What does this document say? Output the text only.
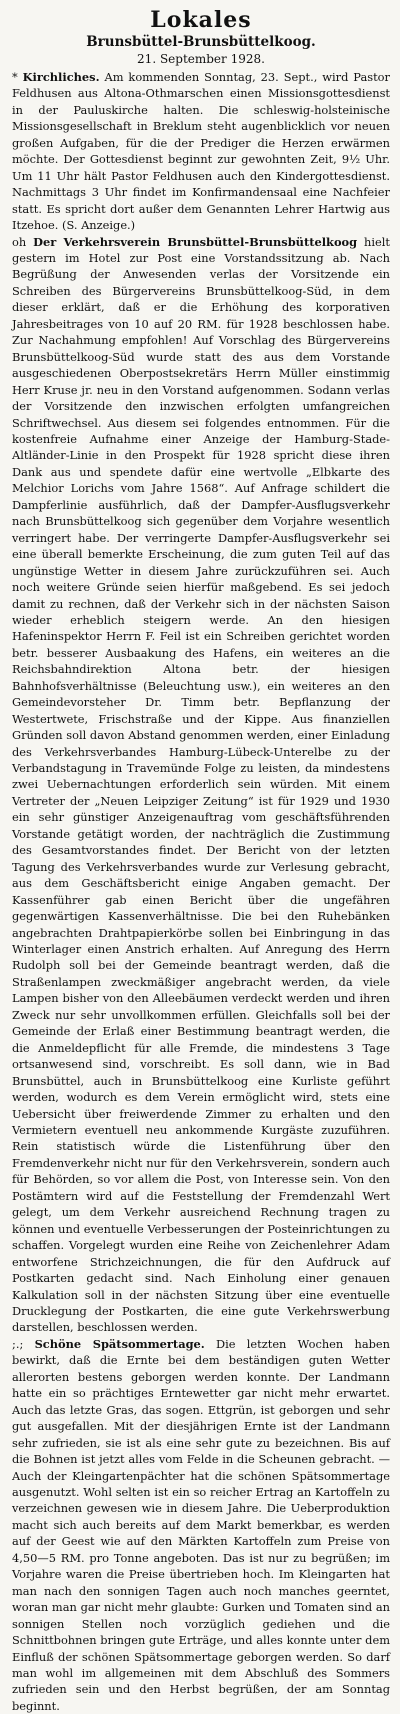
Lokales
Brunsbüttel-Brunsbüttelkoog.
21. September 1928.

* Kirchliches. Am kommenden Sonntag, 23. Sept., wird Pastor Feldhusen aus Altona-Othmarschen einen Missionsgottesdienst in der Pauluskirche halten. Die schleswig-holsteinische Missionsgesellschaft in Breklum steht augenblicklich vor neuen großen Aufgaben, für die der Prediger die Herzen erwärmen möchte. Der Gottesdienst beginnt zur gewohnten Zeit, 9½ Uhr. Um 11 Uhr hält Pastor Feldhusen auch den Kindergottesdienst. Nachmittags 3 Uhr findet im Konfirmandensaal eine Nachfeier statt. Es spricht dort außer dem Genannten Lehrer Hartwig aus Itzehoe. (S. Anzeige.)

oh Der Verkehrsverein Brunsbüttel-Brunsbüttelkoog hielt gestern im Hotel zur Post eine Vorstandssitzung ab. Nach Begrüßung der Anwesenden verlas der Vorsitzende ein Schreiben des Bürgervereins Brunsbüttelkoog-Süd, in dem dieser erklärt, daß er die Erhöhung des korporativen Jahresbeitrages von 10 auf 20 RM. für 1928 beschlossen habe. Zur Nachahmung empfohlen! Auf Vorschlag des Bürgervereins Brunsbüttelkoog-Süd wurde statt des aus dem Vorstande ausgeschiedenen Oberpostsekretärs Herrn Müller einstimmig Herr Kruse jr. neu in den Vorstand aufgenommen. Sodann verlas der Vorsitzende den inzwischen erfolgten umfangreichen Schriftwechsel. Aus diesem sei folgendes entnommen. Für die kostenfreie Aufnahme einer Anzeige der Hamburg-Stade-Altländer-Linie in den Prospekt für 1928 spricht diese ihren Dank aus und spendete dafür eine wertvolle „Elbkarte des Melchior Lorichs vom Jahre 1568“. Auf Anfrage schildert die Dampferlinie ausführlich, daß der Dampfer-Ausflugsverkehr nach Brunsbüttelkoog sich gegenüber dem Vorjahre wesentlich verringert habe. Der verringerte Dampfer-Ausflugsverkehr sei eine überall bemerkte Erscheinung, die zum guten Teil auf das ungünstige Wetter in diesem Jahre zurückzuführen sei. Auch noch weitere Gründe seien hierfür maßgebend. Es sei jedoch damit zu rechnen, daß der Verkehr sich in der nächsten Saison wieder erheblich steigern werde. An den hiesigen Hafeninspektor Herrn F. Feil ist ein Schreiben gerichtet worden betr. besserer Ausbaakung des Hafens, ein weiteres an die Reichsbahndirektion Altona betr. der hiesigen Bahnhofsverhältnisse (Beleuchtung usw.), ein weiteres an den Gemeindevorsteher Dr. Timm betr. Bepflanzung der Westertwete, Frischstraße und der Kippe. Aus finanziellen Gründen soll davon Abstand genommen werden, einer Einladung des Verkehrsverbandes Hamburg-Lübeck-Unterelbe zu der Verbandstagung in Travemünde Folge zu leisten, da mindestens zwei Uebernachtungen erforderlich sein würden. Mit einem Vertreter der „Neuen Leipziger Zeitung“ ist für 1929 und 1930 ein sehr günstiger Anzeigenauftrag vom geschäftsführenden Vorstande getätigt worden, der nachträglich die Zustimmung des Gesamtvorstandes findet. Der Bericht von der letzten Tagung des Verkehrsverbandes wurde zur Verlesung gebracht, aus dem Geschäftsbericht einige Angaben gemacht. Der Kassenführer gab einen Bericht über die ungefähren gegenwärtigen Kassenverhältnisse. Die bei den Ruhebänken angebrachten Drahtpapierkörbe sollen bei Einbringung in das Winterlager einen Anstrich erhalten. Auf Anregung des Herrn Rudolph soll bei der Gemeinde beantragt werden, daß die Straßenlampen zweckmäßiger angebracht werden, da viele Lampen bisher von den Alleebäumen verdeckt werden und ihren Zweck nur sehr unvollkommen erfüllen. Gleichfalls soll bei der Gemeinde der Erlaß einer Bestimmung beantragt werden, die die Anmeldepflicht für alle Fremde, die mindestens 3 Tage ortsanwesend sind, vorschreibt. Es soll dann, wie in Bad Brunsbüttel, auch in Brunsbüttelkoog eine Kurliste geführt werden, wodurch es dem Verein ermöglicht wird, stets eine Uebersicht über freiwerdende Zimmer zu erhalten und den Vermietern eventuell neu ankommende Kurgäste zuzuführen. Rein statistisch würde die Listenführung über den Fremdenverkehr nicht nur für den Verkehrsverein, sondern auch für Behörden, so vor allem die Post, von Interesse sein. Von den Postämtern wird auf die Feststellung der Fremdenzahl Wert gelegt, um dem Verkehr ausreichend Rechnung tragen zu können und eventuelle Verbesserungen der Posteinrichtungen zu schaffen. Vorgelegt wurden eine Reihe von Zeichenlehrer Adam entworfene Strichzeichnungen, die für den Aufdruck auf Postkarten gedacht sind. Nach Einholung einer genauen Kalkulation soll in der nächsten Sitzung über eine eventuelle Drucklegung der Postkarten, die eine gute Verkehrswerbung darstellen, beschlossen werden.

;.; Schöne Spätsommertage. Die letzten Wochen haben bewirkt, daß die Ernte bei dem beständigen guten Wetter allerorten bestens geborgen werden konnte. Der Landmann hatte ein so prächtiges Erntewetter gar nicht mehr erwartet. Auch das letzte Gras, das sogen. Ettgrün, ist geborgen und sehr gut ausgefallen. Mit der diesjährigen Ernte ist der Landmann sehr zufrieden, sie ist als eine sehr gute zu bezeichnen. Bis auf die Bohnen ist jetzt alles vom Felde in die Scheunen gebracht. — Auch der Kleingartenpächter hat die schönen Spätsommertage ausgenutzt. Wohl selten ist ein so reicher Ertrag an Kartoffeln zu verzeichnen gewesen wie in diesem Jahre. Die Ueberproduktion macht sich auch bereits auf dem Markt bemerkbar, es werden auf der Geest wie auf den Märkten Kartoffeln zum Preise von 4,50—5 RM. pro Tonne angeboten. Das ist nur zu begrüßen; im Vorjahre waren die Preise übertrieben hoch. Im Kleingarten hat man nach den sonnigen Tagen auch noch manches geerntet, woran man gar nicht mehr glaubte: Gurken und Tomaten sind an sonnigen Stellen noch vorzüglich gediehen und die Schnittbohnen bringen gute Erträge, und alles konnte unter dem Einfluß der schönen Spätsommertage geborgen werden. So darf man wohl im allgemeinen mit dem Abschluß des Sommers zufrieden sein und den Herbst begrüßen, der am Sonntag beginnt.
